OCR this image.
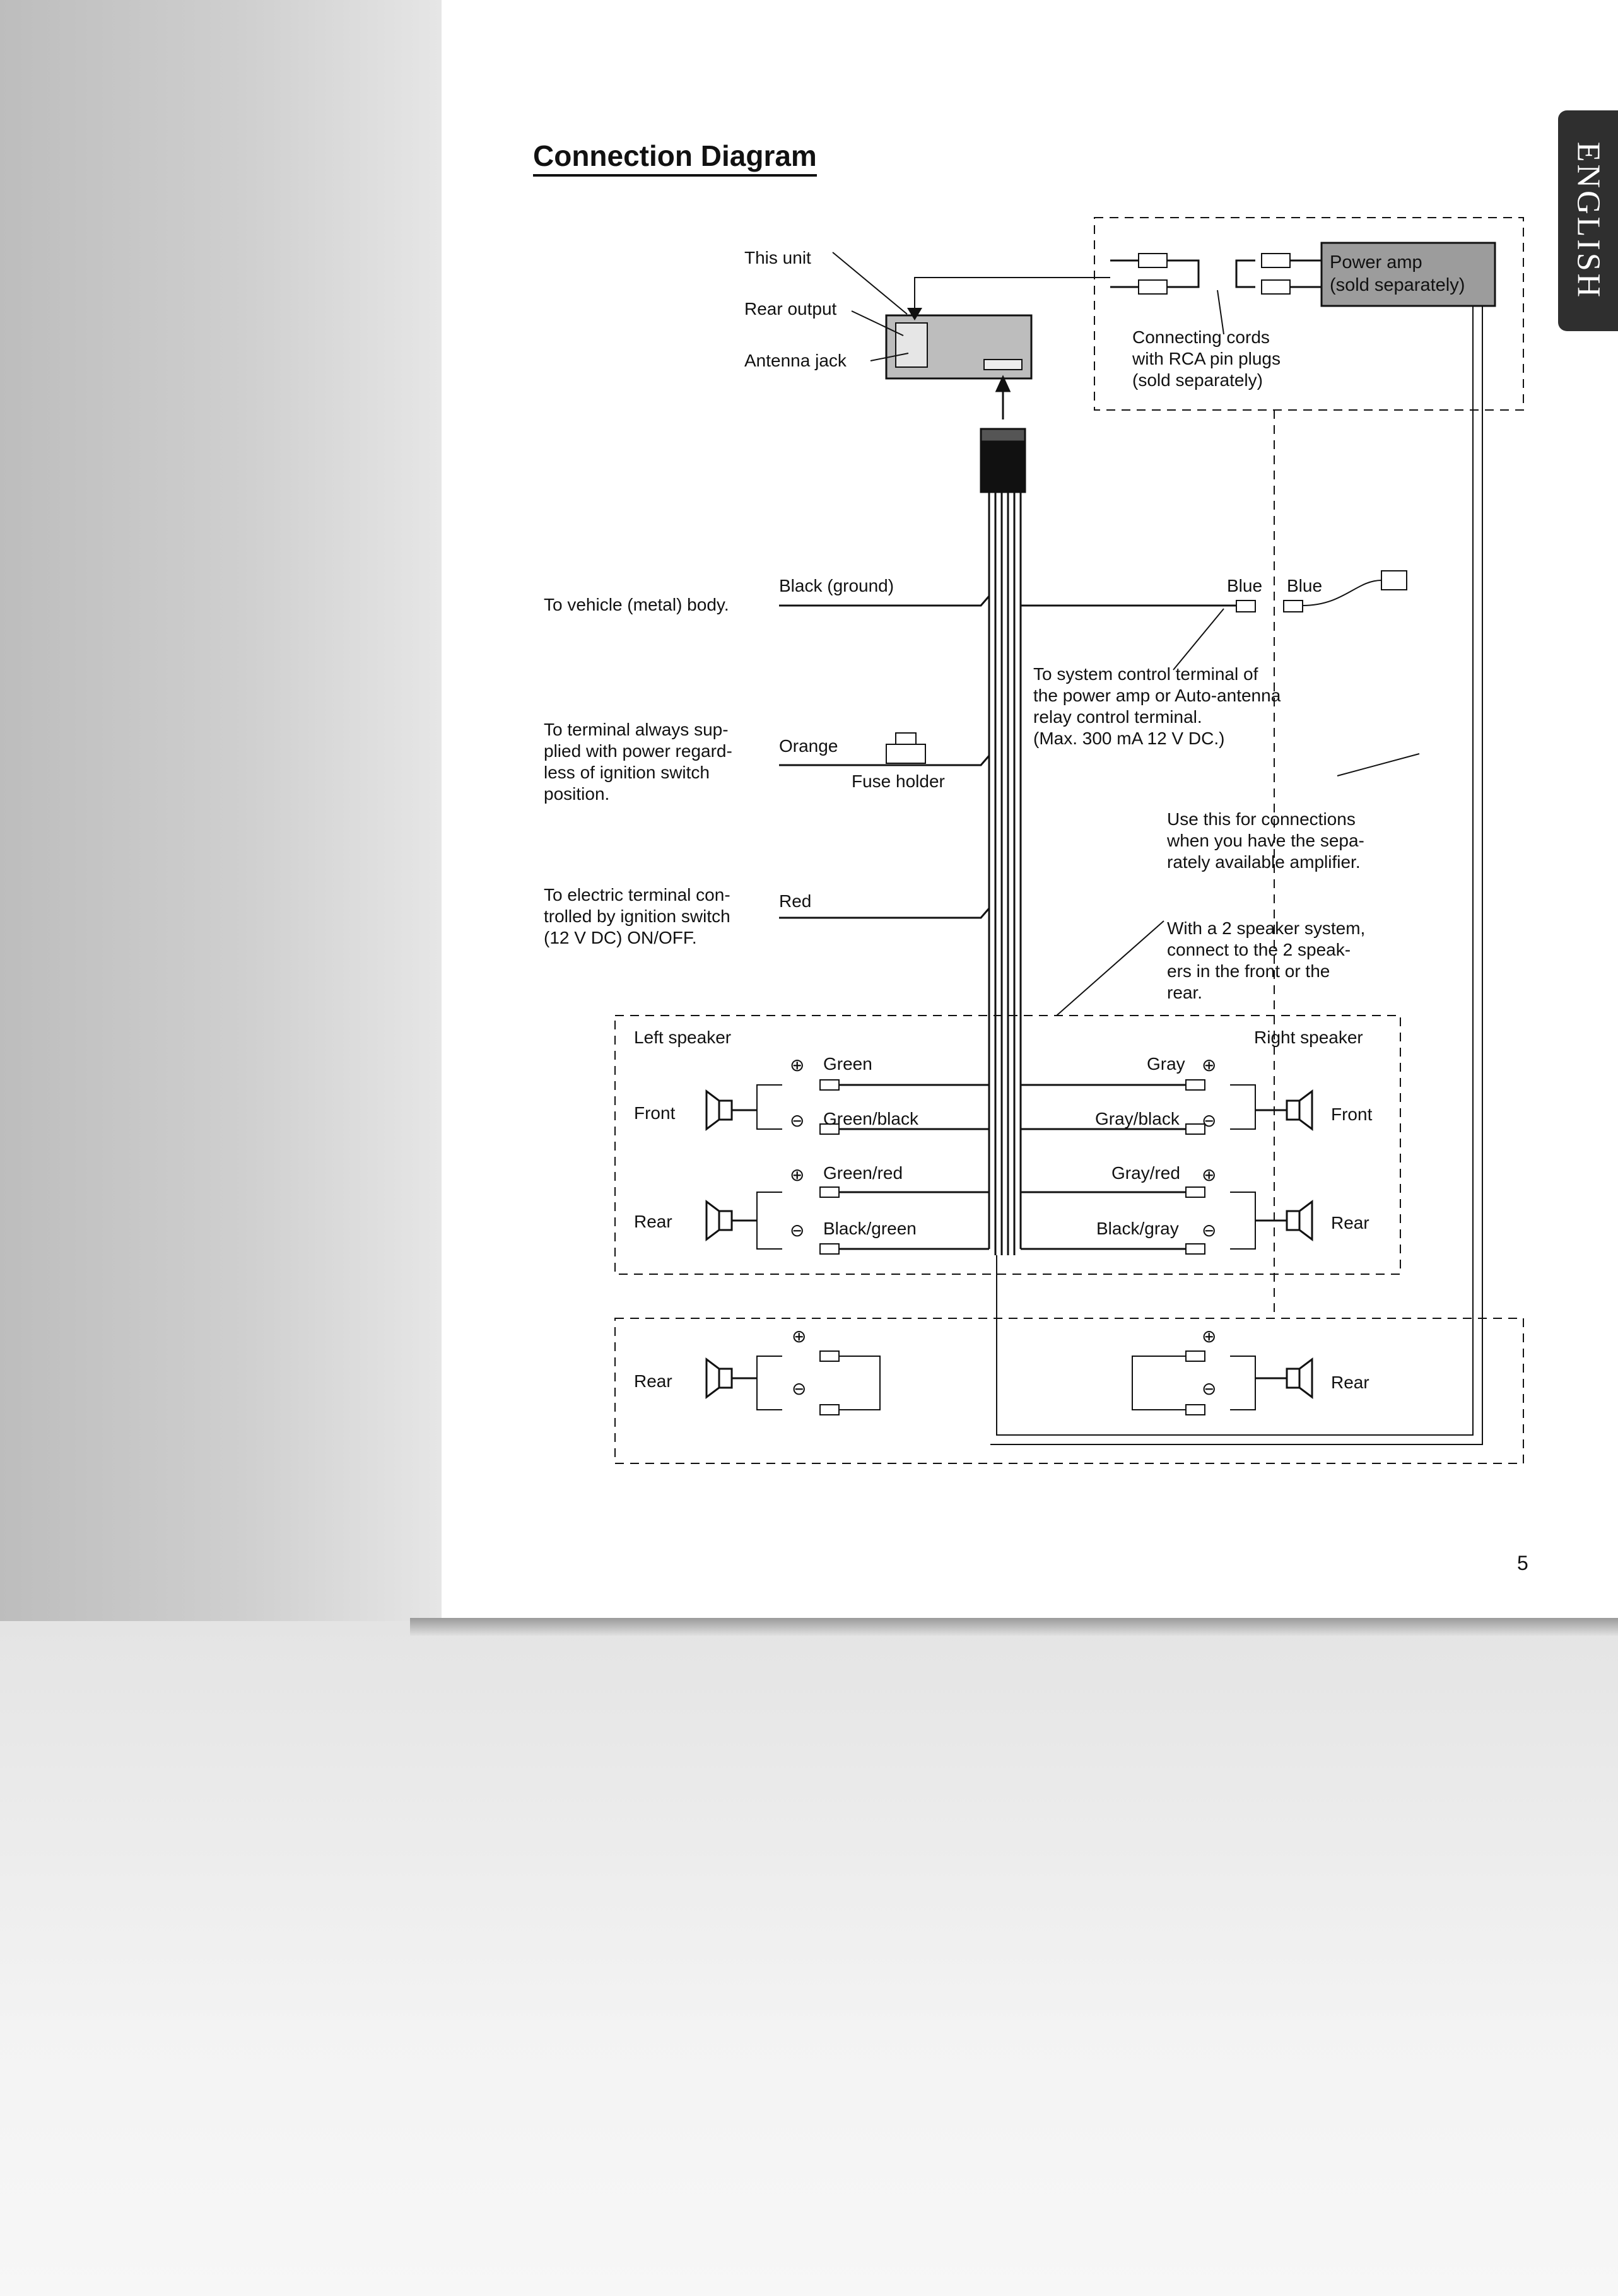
ENGLISH
Connection Diagram
This unit
Rear output
Antenna jack
Power amp
(sold separately)
Connecting cords
with RCA pin plugs
(sold separately)
Black (ground)
To vehicle (metal) body.
To terminal always sup-
plied with power regard-
less of ignition switch
position.
Orange
Fuse holder
To electric terminal con-
trolled by ignition switch
(12 V DC) ON/OFF.
Red
Blue Blue
To system control terminal of
the power amp or Auto-antenna
relay control terminal.
(Max. 300 mA 12 V DC.)
Use this for connections
when you have the sepa-
rately available amplifier.
With a 2 speaker system,
connect to the 2 speak-
ers in the front or the
rear.
Left speaker	Right speaker
Front
Rear
Front
Rear
⊕ Green
⊖ Green/black
⊕ Green/red
⊖ Black/green
Gray ⊕
Gray/black ⊖
Gray/red ⊕
Black/gray ⊖
Rear
⊕
⊖	Rear
⊕
⊖
5
